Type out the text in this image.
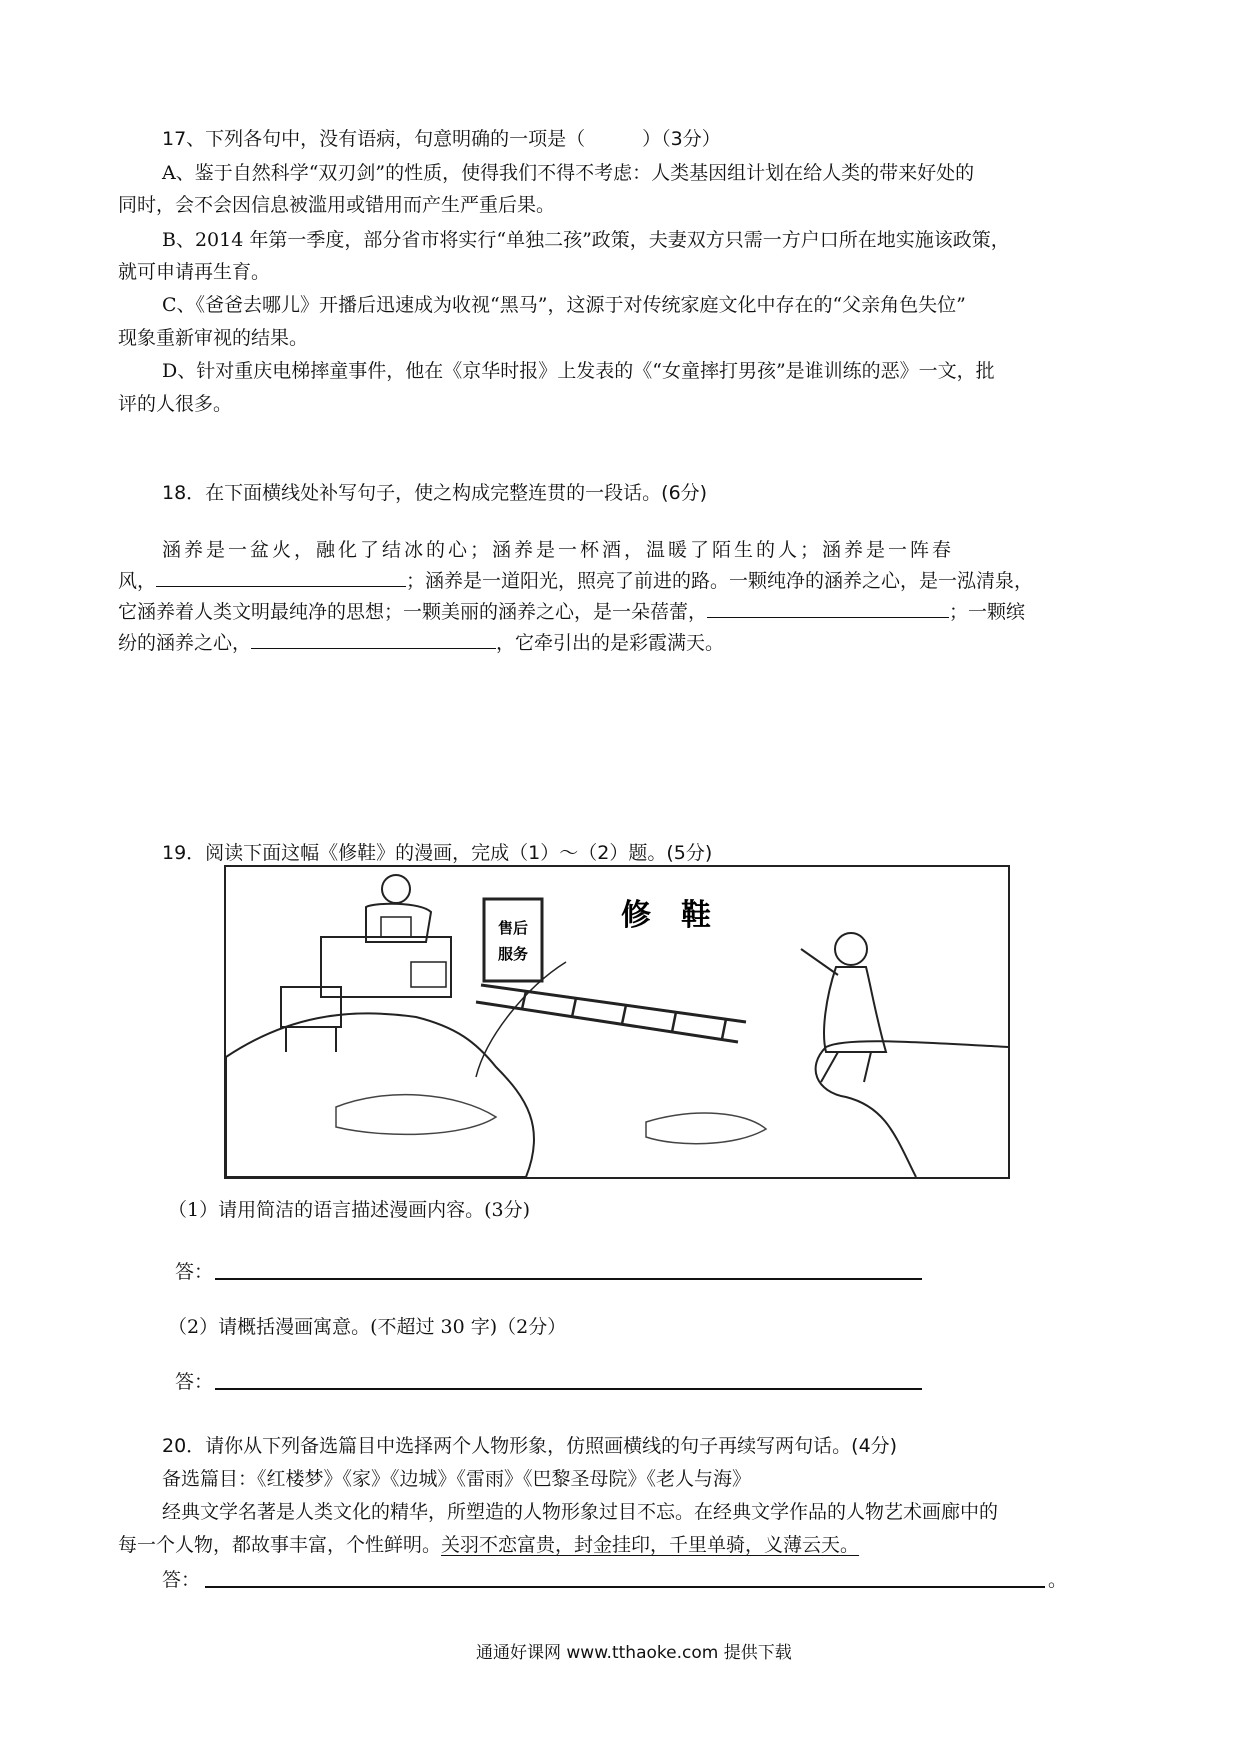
17、下列各句中，没有语病，句意明确的一项是（　　　）（3分）
A、鉴于自然科学“双刃剑”的性质，使得我们不得不考虑：人类基因组计划在给人类的带来好处的
同时，会不会因信息被滥用或错用而产生严重后果。
B、2014 年第一季度，部分省市将实行“单独二孩”政策，夫妻双方只需一方户口所在地实施该政策，
就可申请再生育。
C、《爸爸去哪儿》开播后迅速成为收视“黑马”，这源于对传统家庭文化中存在的“父亲角色失位”
现象重新审视的结果。
D、针对重庆电梯摔童事件，他在《京华时报》上发表的《“女童摔打男孩”是谁训练的恶》一文，批
评的人很多。
18．在下面横线处补写句子，使之构成完整连贯的一段话。(6分)
涵养是一盆火，融化了结冰的心；涵养是一杯酒，温暖了陌生的人；涵养是一阵春
风，	；涵养是一道阳光，照亮了前进的路。一颗纯净的涵养之心，是一泓清泉，
它涵养着人类文明最纯净的思想；一颗美丽的涵养之心，是一朵蓓蕾，	；一颗缤
纷的涵养之心，	，它牵引出的是彩霞满天。
19．阅读下面这幅《修鞋》的漫画，完成（1）～（2）题。(5分)
售后
服务
修　鞋
（1）请用简洁的语言描述漫画内容。(3分)
答：
（2）请概括漫画寓意。(不超过 30 字)（2分）
答：
20．请你从下列备选篇目中选择两个人物形象，仿照画横线的句子再续写两句话。(4分)
备选篇目：《红楼梦》《家》《边城》《雷雨》《巴黎圣母院》《老人与海》
经典文学名著是人类文化的精华，所塑造的人物形象过目不忘。在经典文学作品的人物艺术画廊中的
每一个人物，都故事丰富，个性鲜明。关羽不恋富贵，封金挂印，千里单骑，义薄云天。
答：	。
通通好课网 www.tthaoke.com 提供下载
